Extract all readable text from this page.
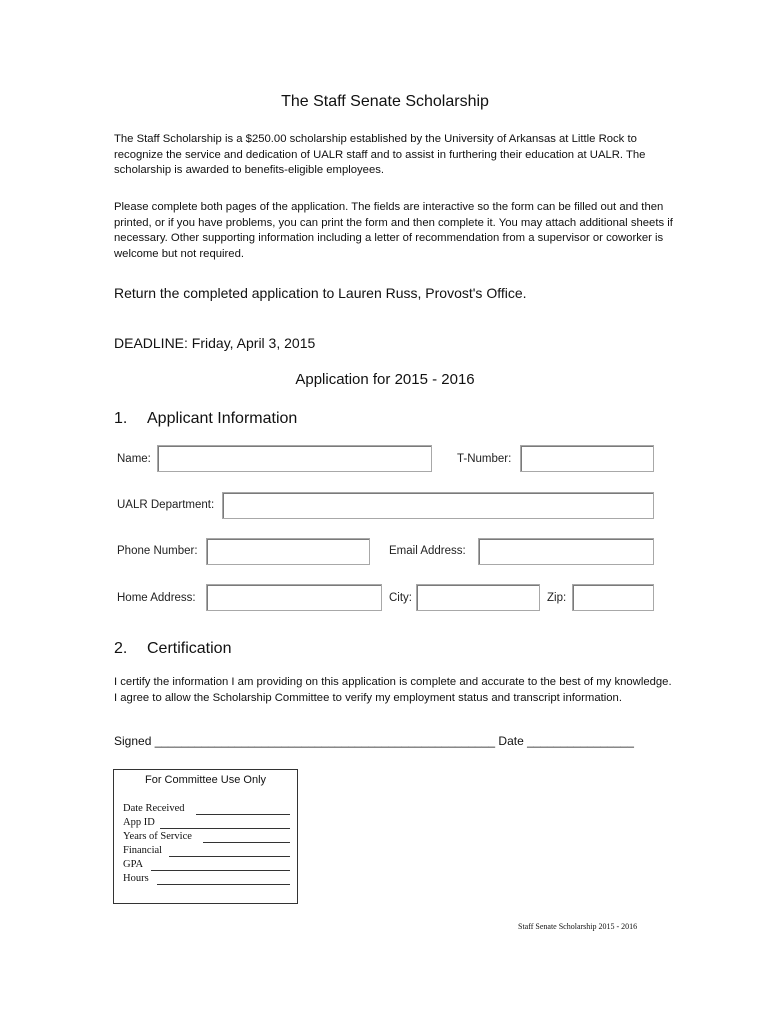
The Staff Senate Scholarship
The Staff Scholarship is a $250.00 scholarship established by the University of Arkansas at Little Rock to recognize the service and dedication of UALR staff and to assist in furthering their education at UALR. The scholarship is awarded to benefits-eligible employees.
Please complete both pages of the application. The fields are interactive so the form can be filled out and then printed, or if you have problems, you can print the form and then complete it. You may attach additional sheets if necessary. Other supporting information including a letter of recommendation from a supervisor or coworker is welcome but not required.
Return the completed application to Lauren Russ, Provost's Office.
DEADLINE: Friday, April 3, 2015
Application for 2015 - 2016
1. Applicant Information
Name:	T-Number:
UALR Department:
Phone Number:	Email Address:
Home Address:	City:	Zip:
2. Certification
I certify the information I am providing on this application is complete and accurate to the best of my knowledge. I agree to allow the Scholarship Committee to verify my employment status and transcript information.
Signed ___________________________________________________ Date ________________
For Committee Use Only
Date Received
App ID
Years of Service
Financial
GPA
Hours
Staff Senate Scholarship 2015 - 2016
